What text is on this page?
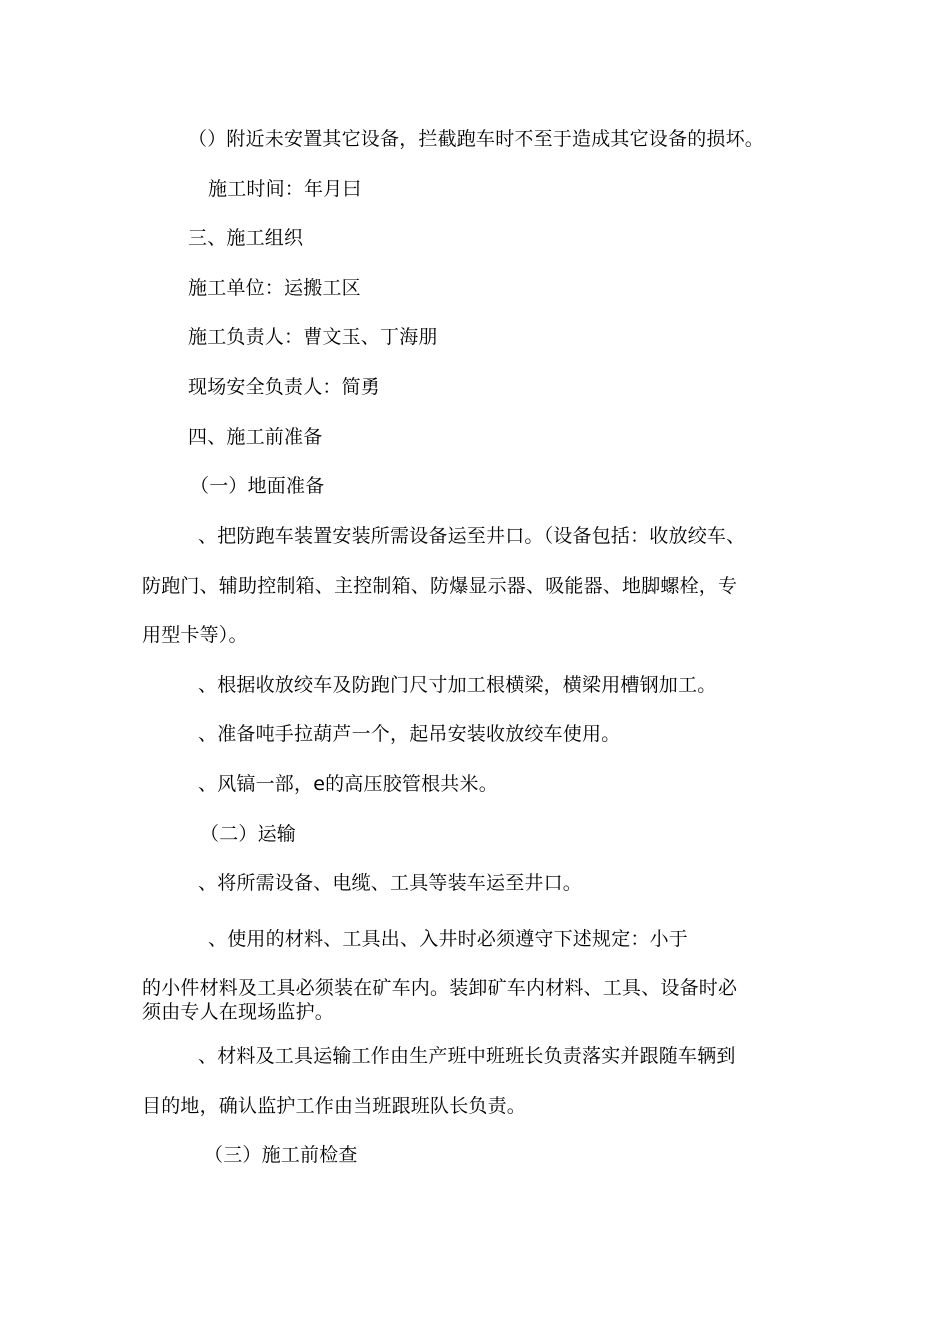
（）附近未安置其它设备，拦截跑车时不至于造成其它设备的损坏。
施工时间：年月曰
三、施工组织
施工单位：运搬工区
施工负责人：曹文玉、丁海朋
现场安全负责人：简勇
四、施工前准备
（一）地面准备
、把防跑车装置安装所需设备运至井口。（设备包括：收放绞车、
防跑门、辅助控制箱、主控制箱、防爆显示器、吸能器、地脚螺栓，专
用型卡等）。
、根据收放绞车及防跑门尺寸加工根横梁，横梁用槽钢加工。
、准备吨手拉葫芦一个，起吊安装收放绞车使用。
、风镐一部，e的高压胶管根共米。
（二）运输
、将所需设备、电缆、工具等装车运至井口。
、使用的材料、工具出、入井时必须遵守下述规定：小于
的小件材料及工具必须装在矿车内。装卸矿车内材料、工具、设备时必
须由专人在现场监护。
、材料及工具运输工作由生产班中班班长负责落实并跟随车辆到
目的地，确认监护工作由当班跟班队长负责。
（三）施工前检查
